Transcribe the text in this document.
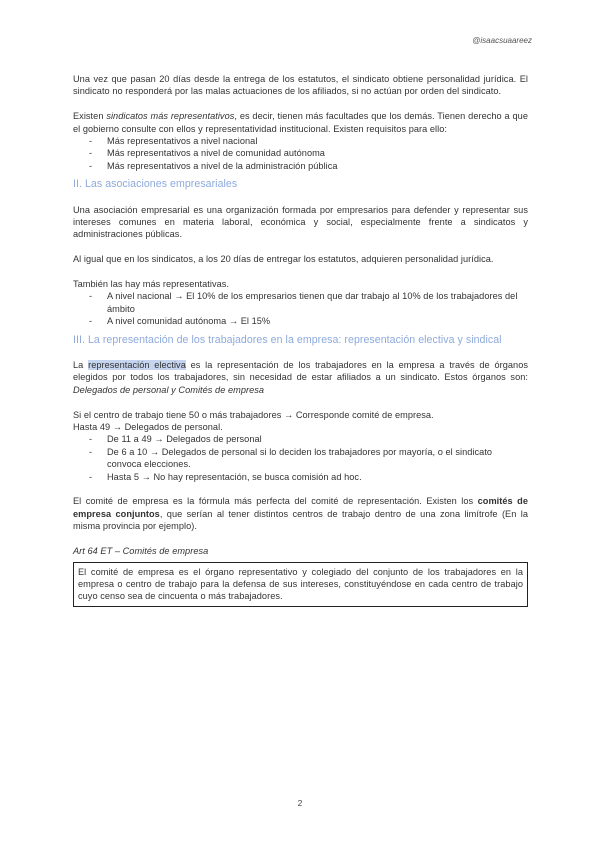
@isaacsuaareez

Una vez que pasan 20 días desde la entrega de los estatutos, el sindicato obtiene personalidad jurídica. El sindicato no responderá por las malas actuaciones de los afiliados, si no actúan por orden del sindicato.

Existen sindicatos más representativos, es decir, tienen más facultades que los demás. Tienen derecho a que el gobierno consulte con ellos y representatividad institucional. Existen requisitos para ello:

- Más representativos a nivel nacional
- Más representativos a nivel de comunidad autónoma
- Más representativos a nivel de la administración pública

II. Las asociaciones empresariales

Una asociación empresarial es una organización formada por empresarios para defender y representar sus intereses comunes en materia laboral, económica y social, especialmente frente a sindicatos y administraciones públicas.

Al igual que en los sindicatos, a los 20 días de entregar los estatutos, adquieren personalidad jurídica.

También las hay más representativas.

- A nivel nacional → El 10% de los empresarios tienen que dar trabajo al 10% de los trabajadores del ámbito
- A nivel comunidad autónoma → El 15%

III. La representación de los trabajadores en la empresa: representación electiva y sindical

La representación electiva es la representación de los trabajadores en la empresa a través de órganos elegidos por todos los trabajadores, sin necesidad de estar afiliados a un sindicato. Estos órganos son: Delegados de personal y Comités de empresa

Si el centro de trabajo tiene 50 o más trabajadores → Corresponde comité de empresa.

Hasta 49 → Delegados de personal.

- De 11 a 49 → Delegados de personal
- De 6 a 10 → Delegados de personal si lo deciden los trabajadores por mayoría, o el sindicato convoca elecciones.
- Hasta 5 → No hay representación, se busca comisión ad hoc.

El comité de empresa es la fórmula más perfecta del comité de representación. Existen los comités de empresa conjuntos, que serían al tener distintos centros de trabajo dentro de una zona limítrofe (En la misma provincia por ejemplo).

Art 64 ET – Comités de empresa

El comité de empresa es el órgano representativo y colegiado del conjunto de los trabajadores en la empresa o centro de trabajo para la defensa de sus intereses, constituyéndose en cada centro de trabajo cuyo censo sea de cincuenta o más trabajadores.
2
